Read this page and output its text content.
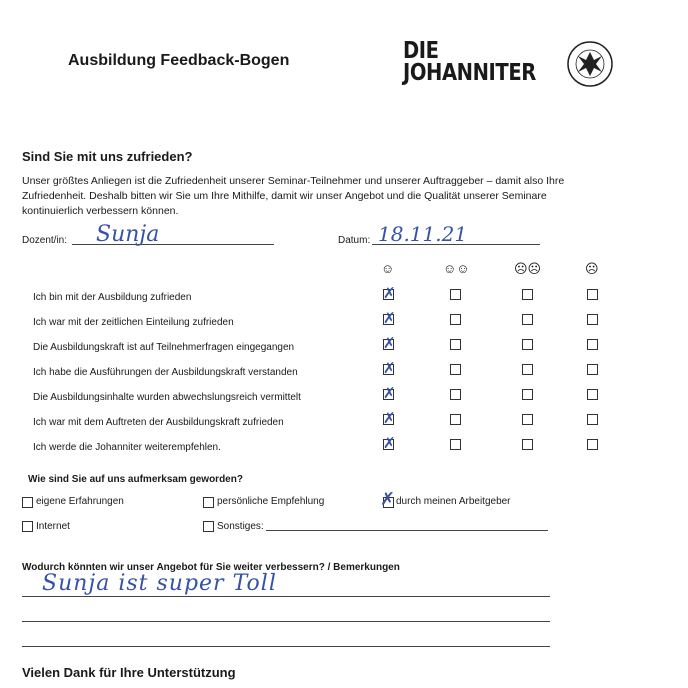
Ausbildung Feedback-Bogen	DIE
JOHANNITER
Sind Sie mit uns zufrieden?
Unser größtes Anliegen ist die Zufriedenheit unserer Seminar-Teilnehmer und unserer Auftraggeber – damit also Ihre Zufriedenheit. Deshalb bitten wir Sie um Ihre Mithilfe, damit wir unser Angebot und die Qualität unserer Seminare kontinuierlich verbessern können.
Dozent/in: Sunja	Datum: 18.11.21
☺	☺☺	☹☹	☹
Ich bin mit der Ausbildung zufrieden	✗
Ich war mit der zeitlichen Einteilung zufrieden	✗
Die Ausbildungskraft ist auf Teilnehmerfragen eingegangen	✗
Ich habe die Ausführungen der Ausbildungskraft verstanden	✗
Die Ausbildungsinhalte wurden abwechslungsreich vermittelt	✗
Ich war mit dem Auftreten der Ausbildungskraft zufrieden	✗
Ich werde die Johanniter weiterempfehlen.	✗
Wie sind Sie auf uns aufmerksam geworden?
eigene Erfahrungen	persönliche Empfehlung	✗ durch meinen Arbeitgeber
Internet	Sonstiges:
Wodurch könnten wir unser Angebot für Sie weiter verbessern? / Bemerkungen
Sunja ist super Toll
Vielen Dank für Ihre Unterstützung
